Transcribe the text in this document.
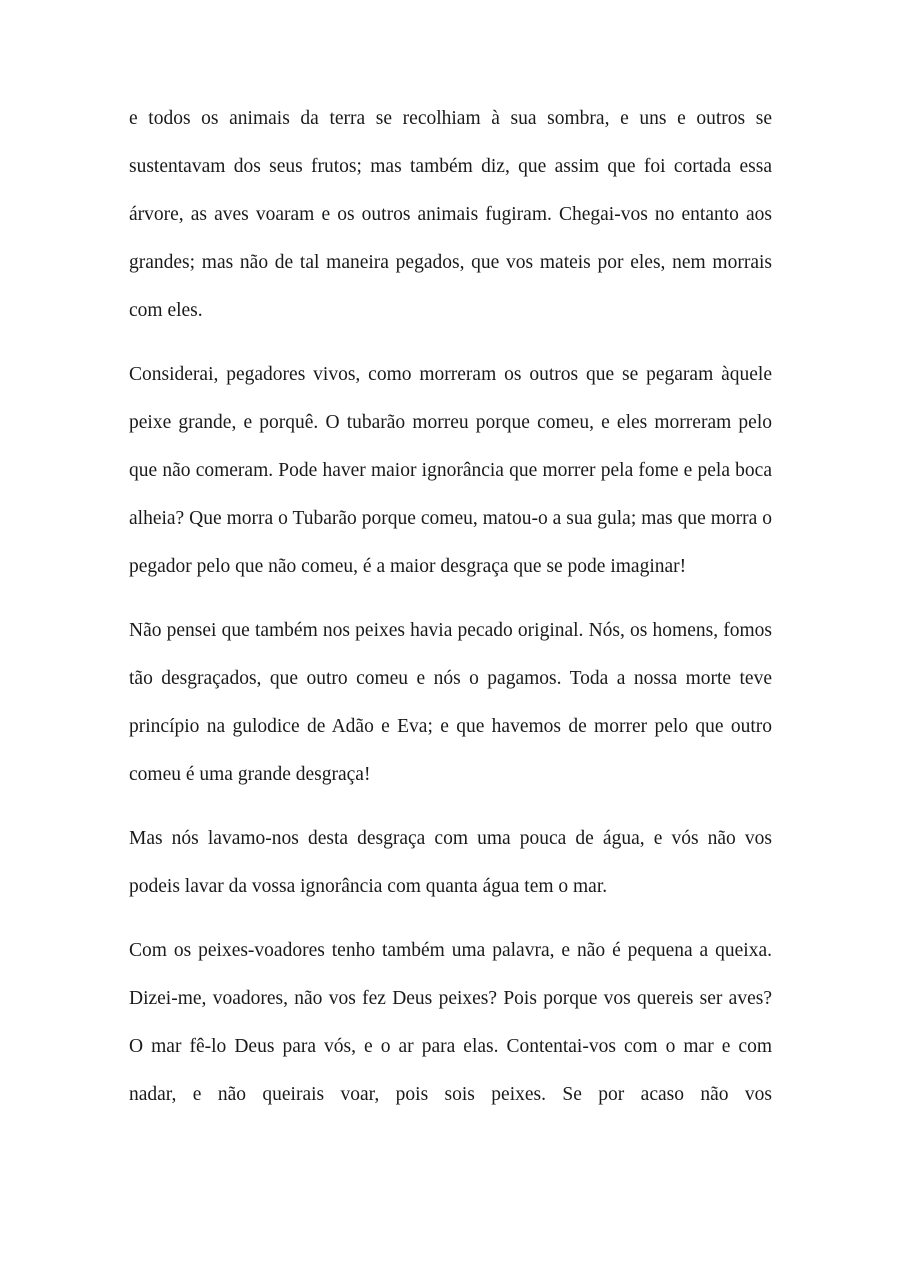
e todos os animais da terra se recolhiam à sua sombra, e uns e outros se sustentavam dos seus frutos; mas também diz, que assim que foi cortada essa árvore, as aves voaram e os outros animais fugiram. Chegai-vos no entanto aos grandes; mas não de tal maneira pegados, que vos mateis por eles, nem morrais com eles.

Considerai, pegadores vivos, como morreram os outros que se pegaram àquele peixe grande, e porquê. O tubarão morreu porque comeu, e eles morreram pelo que não comeram. Pode haver maior ignorância que morrer pela fome e pela boca alheia? Que morra o Tubarão porque comeu, matou-o a sua gula; mas que morra o pegador pelo que não comeu, é a maior desgraça que se pode imaginar!

Não pensei que também nos peixes havia pecado original. Nós, os homens, fomos tão desgraçados, que outro comeu e nós o pagamos. Toda a nossa morte teve princípio na gulodice de Adão e Eva; e que havemos de morrer pelo que outro comeu é uma grande desgraça!

Mas nós lavamo-nos desta desgraça com uma pouca de água, e vós não vos podeis lavar da vossa ignorância com quanta água tem o mar.

Com os peixes-voadores tenho também uma palavra, e não é pequena a queixa. Dizei-me, voadores, não vos fez Deus peixes? Pois porque vos quereis ser aves? O mar fê-lo Deus para vós, e o ar para elas. Contentai-vos com o mar e com nadar, e não queirais voar, pois sois peixes. Se por acaso não vos
